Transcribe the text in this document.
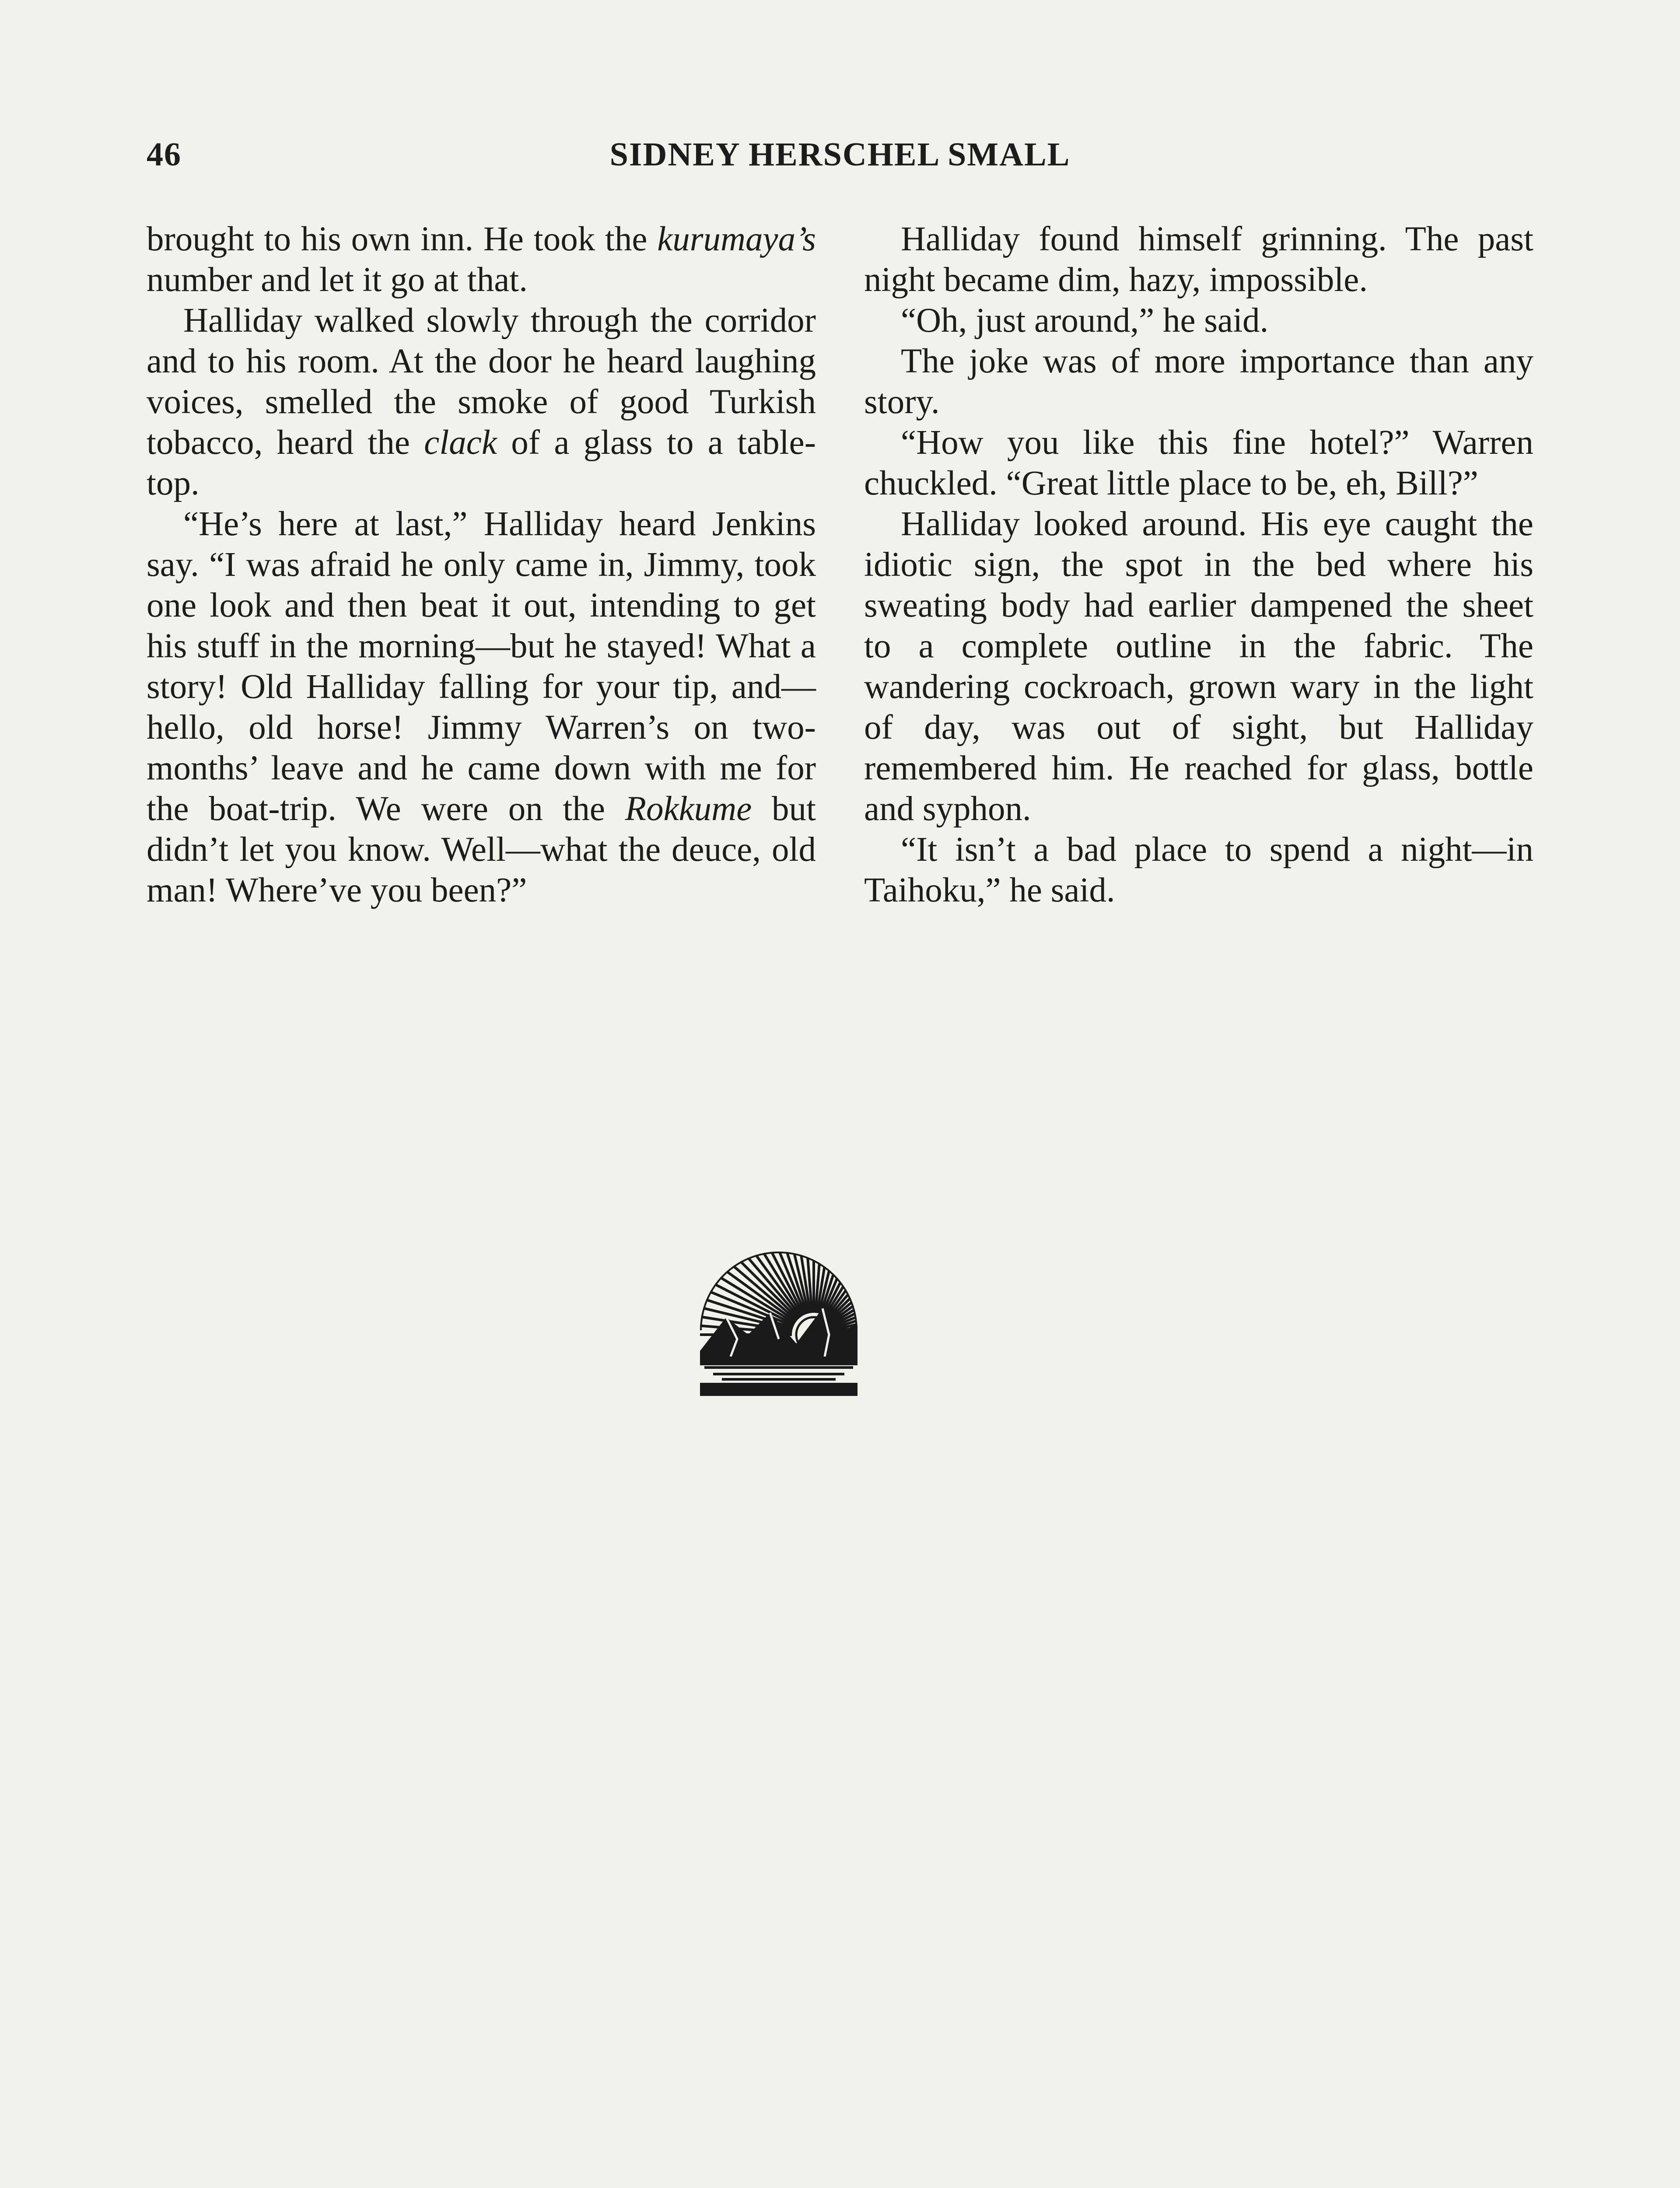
46	SIDNEY HERSCHEL SMALL

brought to his own inn. He took the kurumaya’s number and let it go at that.

Halliday walked slowly through the corridor and to his room. At the door he heard laughing voices, smelled the smoke of good Turkish tobacco, heard the clack of a glass to a table-top.

“He’s here at last,” Halliday heard Jenkins say. “I was afraid he only came in, Jimmy, took one look and then beat it out, intending to get his stuff in the morning—but he stayed! What a story! Old Halliday falling for your tip, and—hello, old horse! Jimmy Warren’s on two-months’ leave and he came down with me for the boat-trip. We were on the Rokkume but didn’t let you know. Well—what the deuce, old man! Where’ve you been?”

Halliday found himself grinning. The past night became dim, hazy, impossible.

“Oh, just around,” he said.

The joke was of more importance than any story.

“How you like this fine hotel?” Warren chuckled. “Great little place to be, eh, Bill?”

Halliday looked around. His eye caught the idiotic sign, the spot in the bed where his sweating body had earlier dampened the sheet to a complete outline in the fabric. The wandering cockroach, grown wary in the light of day, was out of sight, but Halliday remembered him. He reached for glass, bottle and syphon.

“It isn’t a bad place to spend a night—in Taihoku,” he said.
